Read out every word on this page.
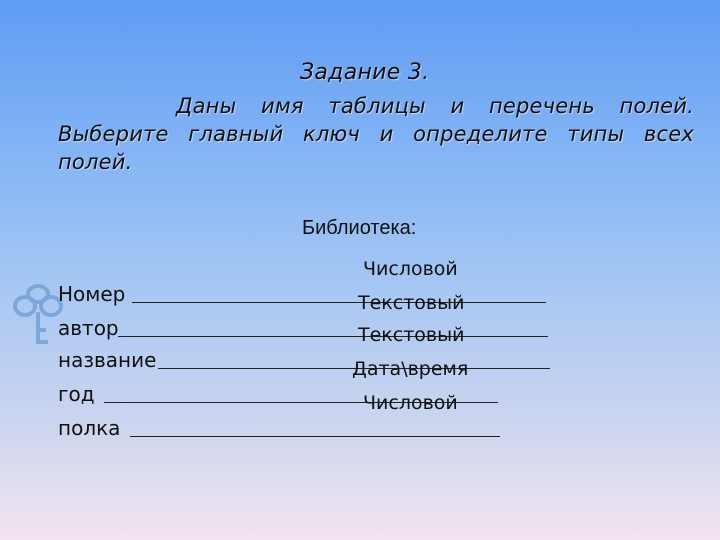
Задание 3.
Даны имя таблицы и перечень полей. Выберите главный ключ и определите типы всех полей.
Библиотека:
Номер
Числовой
автор
Текстовый
название
Текстовый
год
Дата\время
полка
Числовой
